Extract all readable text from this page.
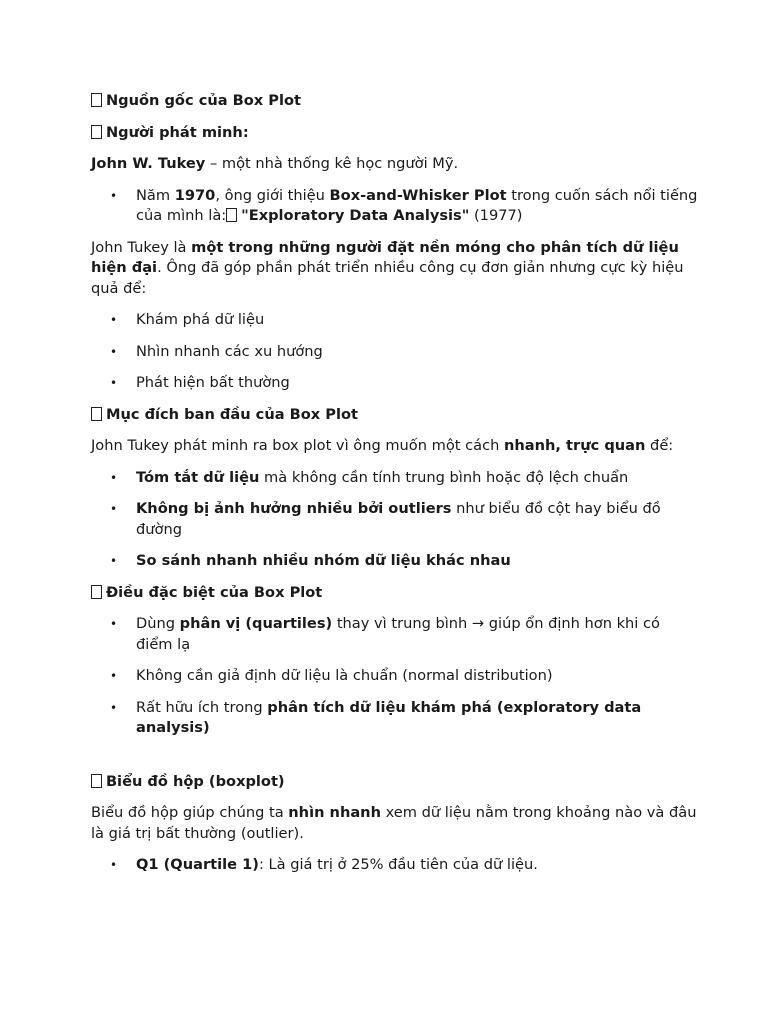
Nguồn gốc của Box Plot
Người phát minh:

John W. Tukey – một nhà thống kê học người Mỹ.

• Năm 1970, ông giới thiệu Box-and-Whisker Plot trong cuốn sách nổi tiếng của mình là: "Exploratory Data Analysis" (1977)

John Tukey là một trong những người đặt nền móng cho phân tích dữ liệu hiện đại. Ông đã góp phần phát triển nhiều công cụ đơn giản nhưng cực kỳ hiệu quả để:

• Khám phá dữ liệu
• Nhìn nhanh các xu hướng
• Phát hiện bất thường
Mục đích ban đầu của Box Plot

John Tukey phát minh ra box plot vì ông muốn một cách nhanh, trực quan để:

• Tóm tắt dữ liệu mà không cần tính trung bình hoặc độ lệch chuẩn
• Không bị ảnh hưởng nhiều bởi outliers như biểu đồ cột hay biểu đồ đường
• So sánh nhanh nhiều nhóm dữ liệu khác nhau
Điều đặc biệt của Box Plot
• Dùng phân vị (quartiles) thay vì trung bình → giúp ổn định hơn khi có điểm lạ
• Không cần giả định dữ liệu là chuẩn (normal distribution)
• Rất hữu ích trong phân tích dữ liệu khám phá (exploratory data analysis)
Biểu đồ hộp (boxplot)

Biểu đồ hộp giúp chúng ta nhìn nhanh xem dữ liệu nằm trong khoảng nào và đâu là giá trị bất thường (outlier).

• Q1 (Quartile 1): Là giá trị ở 25% đầu tiên của dữ liệu.
